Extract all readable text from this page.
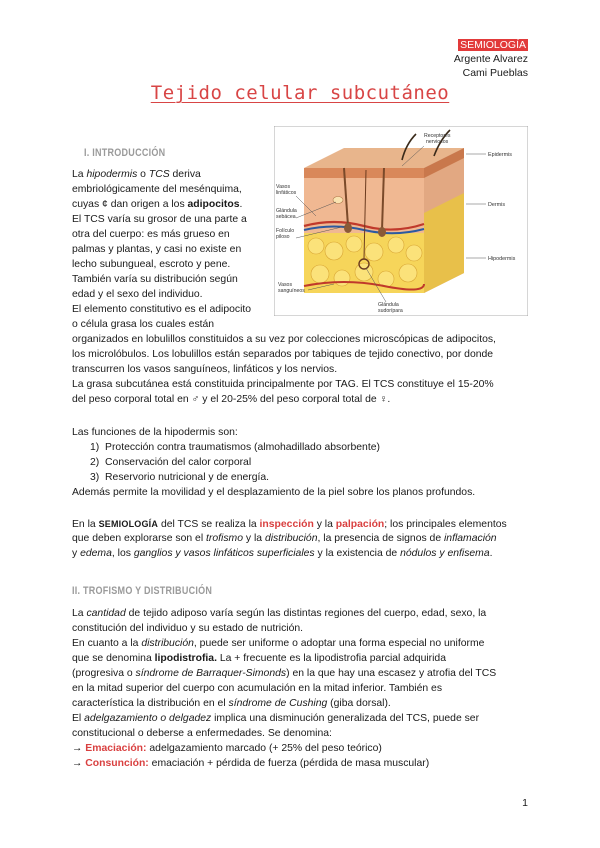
SEMIOLOGÍA
Argente Alvarez
Cami Pueblas
Tejido celular subcutáneo
Receptores nerviosos
Vasos linfáticos
Glándula sebácea
Folículo piloso
Vasos sanguíneos
Glándula sudorípara
Epidermis
Dermis
Hipodermis
I. INTRODUCCIÓN
La hipodermis o TCS deriva
embriológicamente del mesénquima,
cuyas ¢ dan origen a los adipocitos.
El TCS varía su grosor de una parte a
otra del cuerpo: es más grueso en
palmas y plantas, y casi no existe en
lecho subungueal, escroto y pene.
También varía su distribución según
edad y el sexo del individuo.
El elemento constitutivo es el adipocito
o célula grasa los cuales están
organizados en lobulillos constituidos a su vez por colecciones microscópicas de adipocitos,
los microlóbulos. Los lobulillos están separados por tabiques de tejido conectivo, por donde
transcurren los vasos sanguíneos, linfáticos y los nervios.
La grasa subcutánea está constituida principalmente por TAG. El TCS constituye el 15-20%
del peso corporal total en ♂ y el 20-25% del peso corporal total de ♀.
Las funciones de la hipodermis son:
1) Protección contra traumatismos (almohadillado absorbente)
2) Conservación del calor corporal
3) Reservorio nutricional y de energía.
Además permite la movilidad y el desplazamiento de la piel sobre los planos profundos.
En la SEMIOLOGÍA del TCS se realiza la inspección y la palpación; los principales elementos
que deben explorarse son el trofismo y la distribución, la presencia de signos de inflamación
y edema, los ganglios y vasos linfáticos superficiales y la existencia de nódulos y enfisema.
II. TROFISMO Y DISTRIBUCIÓN
La cantidad de tejido adiposo varía según las distintas regiones del cuerpo, edad, sexo, la
constitución del individuo y su estado de nutrición.
En cuanto a la distribución, puede ser uniforme o adoptar una forma especial no uniforme
que se denomina lipodistrofia. La + frecuente es la lipodistrofia parcial adquirida
(progresiva o síndrome de Barraquer-Simonds) en la que hay una escasez y atrofia del TCS
en la mitad superior del cuerpo con acumulación en la mitad inferior. También es
característica la distribución en el síndrome de Cushing (giba dorsal).
El adelgazamiento o delgadez implica una disminución generalizada del TCS, puede ser
constitucional o deberse a enfermedades. Se denomina:
→ Emaciación: adelgazamiento marcado (+ 25% del peso teórico)
→ Consunción: emaciación + pérdida de fuerza (pérdida de masa muscular)
1
